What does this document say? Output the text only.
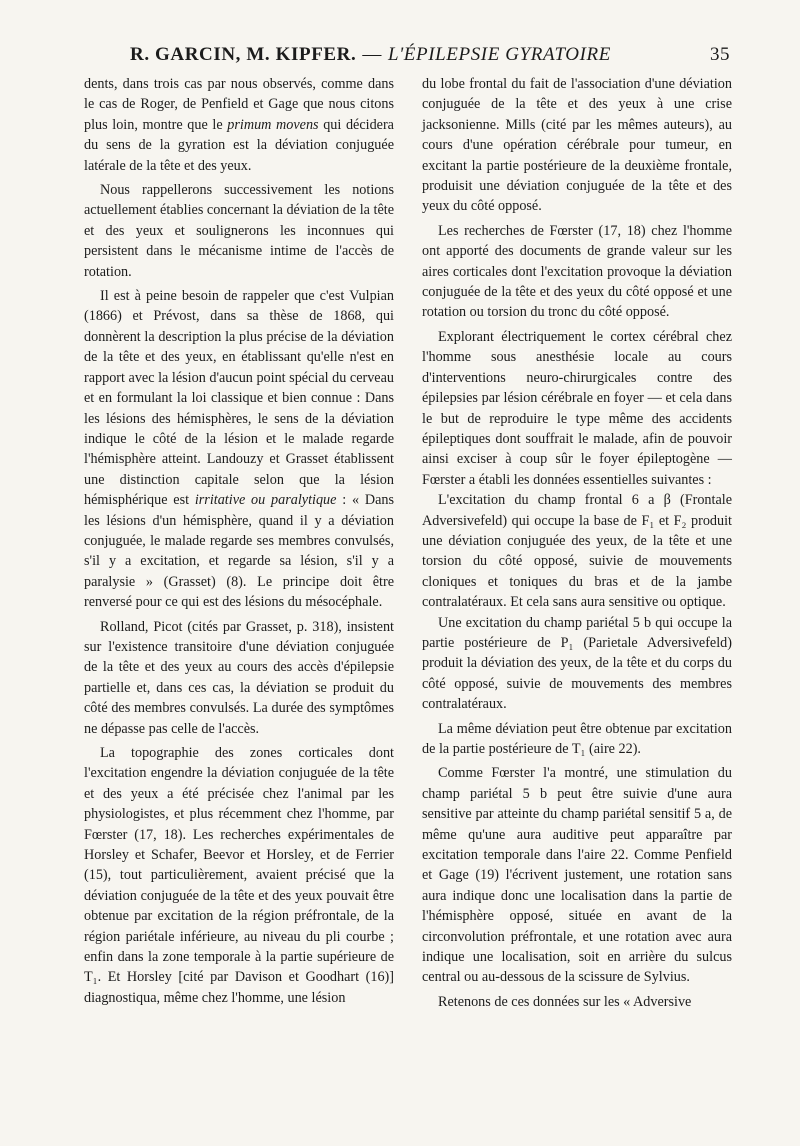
R. GARCIN, M. KIPFER. — L'ÉPILEPSIE GYRATOIRE	35

dents, dans trois cas par nous observés, comme dans le cas de Roger, de Penfield et Gage que nous citons plus loin, montre que le primum movens qui décidera du sens de la gyration est la déviation conjuguée latérale de la tête et des yeux.

Nous rappellerons successivement les notions actuellement établies concernant la déviation de la tête et des yeux et soulignerons les inconnues qui persistent dans le mécanisme intime de l'accès de rotation.

Il est à peine besoin de rappeler que c'est Vulpian (1866) et Prévost, dans sa thèse de 1868, qui donnèrent la description la plus précise de la déviation de la tête et des yeux, en établissant qu'elle n'est en rapport avec la lésion d'aucun point spécial du cerveau et en formulant la loi classique et bien connue : Dans les lésions des hémisphères, le sens de la déviation indique le côté de la lésion et le malade regarde l'hémisphère atteint. Landouzy et Grasset établissent une distinction capitale selon que la lésion hémisphérique est irritative ou paralytique : « Dans les lésions d'un hémisphère, quand il y a déviation conjuguée, le malade regarde ses membres convulsés, s'il y a excitation, et regarde sa lésion, s'il y a paralysie » (Grasset) (8). Le principe doit être renversé pour ce qui est des lésions du mésocéphale.

Rolland, Picot (cités par Grasset, p. 318), insistent sur l'existence transitoire d'une déviation conjuguée de la tête et des yeux au cours des accès d'épilepsie partielle et, dans ces cas, la déviation se produit du côté des membres convulsés. La durée des symptômes ne dépasse pas celle de l'accès.

La topographie des zones corticales dont l'excitation engendre la déviation conjuguée de la tête et des yeux a été précisée chez l'animal par les physiologistes, et plus récemment chez l'homme, par Fœrster (17, 18). Les recherches expérimentales de Horsley et Schafer, Beevor et Horsley, et de Ferrier (15), tout particulièrement, avaient précisé que la déviation conjuguée de la tête et des yeux pouvait être obtenue par excitation de la région préfrontale, de la région pariétale inférieure, au niveau du pli courbe ; enfin dans la zone temporale à la partie supérieure de T₁. Et Horsley [cité par Davison et Goodhart (16)] diagnostiqua, même chez l'homme, une lésion

du lobe frontal du fait de l'association d'une déviation conjuguée de la tête et des yeux à une crise jacksonienne. Mills (cité par les mêmes auteurs), au cours d'une opération cérébrale pour tumeur, en excitant la partie postérieure de la deuxième frontale, produisit une déviation conjuguée de la tête et des yeux du côté opposé.

Les recherches de Fœrster (17, 18) chez l'homme ont apporté des documents de grande valeur sur les aires corticales dont l'excitation provoque la déviation conjuguée de la tête et des yeux du côté opposé et une rotation ou torsion du tronc du côté opposé.

Explorant électriquement le cortex cérébral chez l'homme sous anesthésie locale au cours d'interventions neuro-chirurgicales contre des épilepsies par lésion cérébrale en foyer — et cela dans le but de reproduire le type même des accidents épileptiques dont souffrait le malade, afin de pouvoir ainsi exciser à coup sûr le foyer épileptogène — Fœrster a établi les données essentielles suivantes :

L'excitation du champ frontal 6 a β (Frontale Adversivefeld) qui occupe la base de F₁ et F₂ produit une déviation conjuguée des yeux, de la tête et une torsion du côté opposé, suivie de mouvements cloniques et toniques du bras et de la jambe contralatéraux. Et cela sans aura sensitive ou optique.

Une excitation du champ pariétal 5 b qui occupe la partie postérieure de P₁ (Parietale Adversivefeld) produit la déviation des yeux, de la tête et du corps du côté opposé, suivie de mouvements des membres contralatéraux.

La même déviation peut être obtenue par excitation de la partie postérieure de T₁ (aire 22).

Comme Fœrster l'a montré, une stimulation du champ pariétal 5 b peut être suivie d'une aura sensitive par atteinte du champ pariétal sensitif 5 a, de même qu'une aura auditive peut apparaître par excitation temporale dans l'aire 22. Comme Penfield et Gage (19) l'écrivent justement, une rotation sans aura indique donc une localisation dans la partie de l'hémisphère opposé, située en avant de la circonvolution préfrontale, et une rotation avec aura indique une localisation, soit en arrière du sulcus central ou au-dessous de la scissure de Sylvius.

Retenons de ces données sur les « Adversive
